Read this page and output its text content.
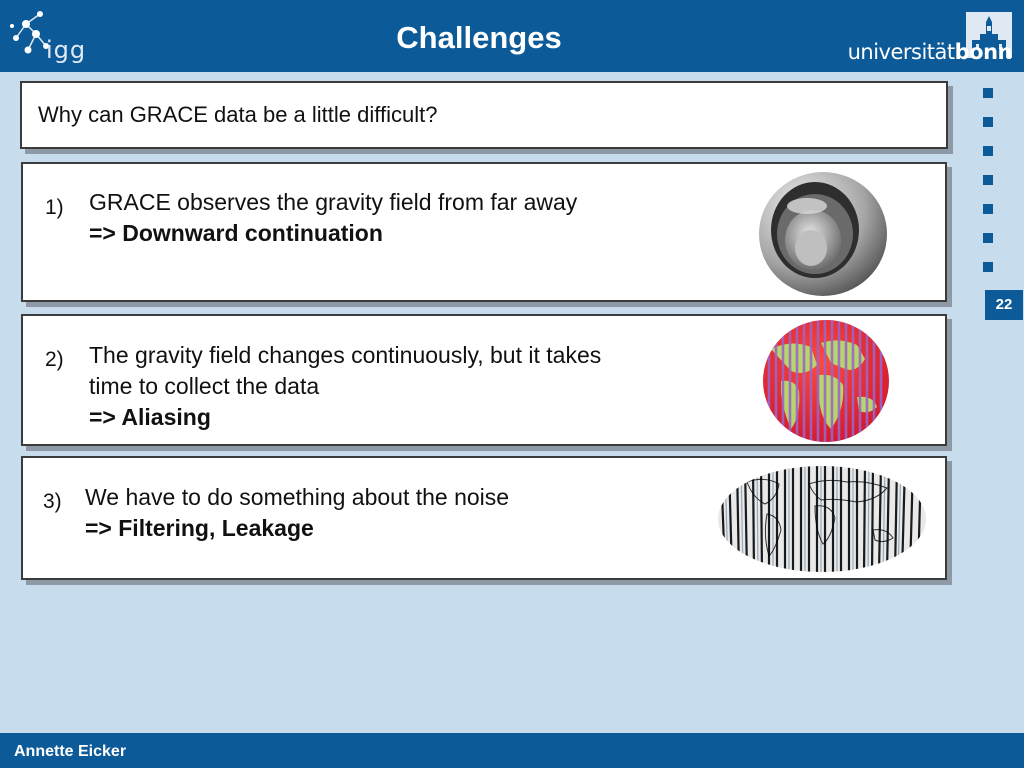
igg	Challenges	universitätbonn
22
Why can GRACE data be a little difficult?
1) GRACE observes the gravity field from far away
=> Downward continuation
2) The gravity field changes continuously, but it takes
time to collect the data
=> Aliasing
3) We have to do something about the noise
=> Filtering, Leakage
Annette Eicker
